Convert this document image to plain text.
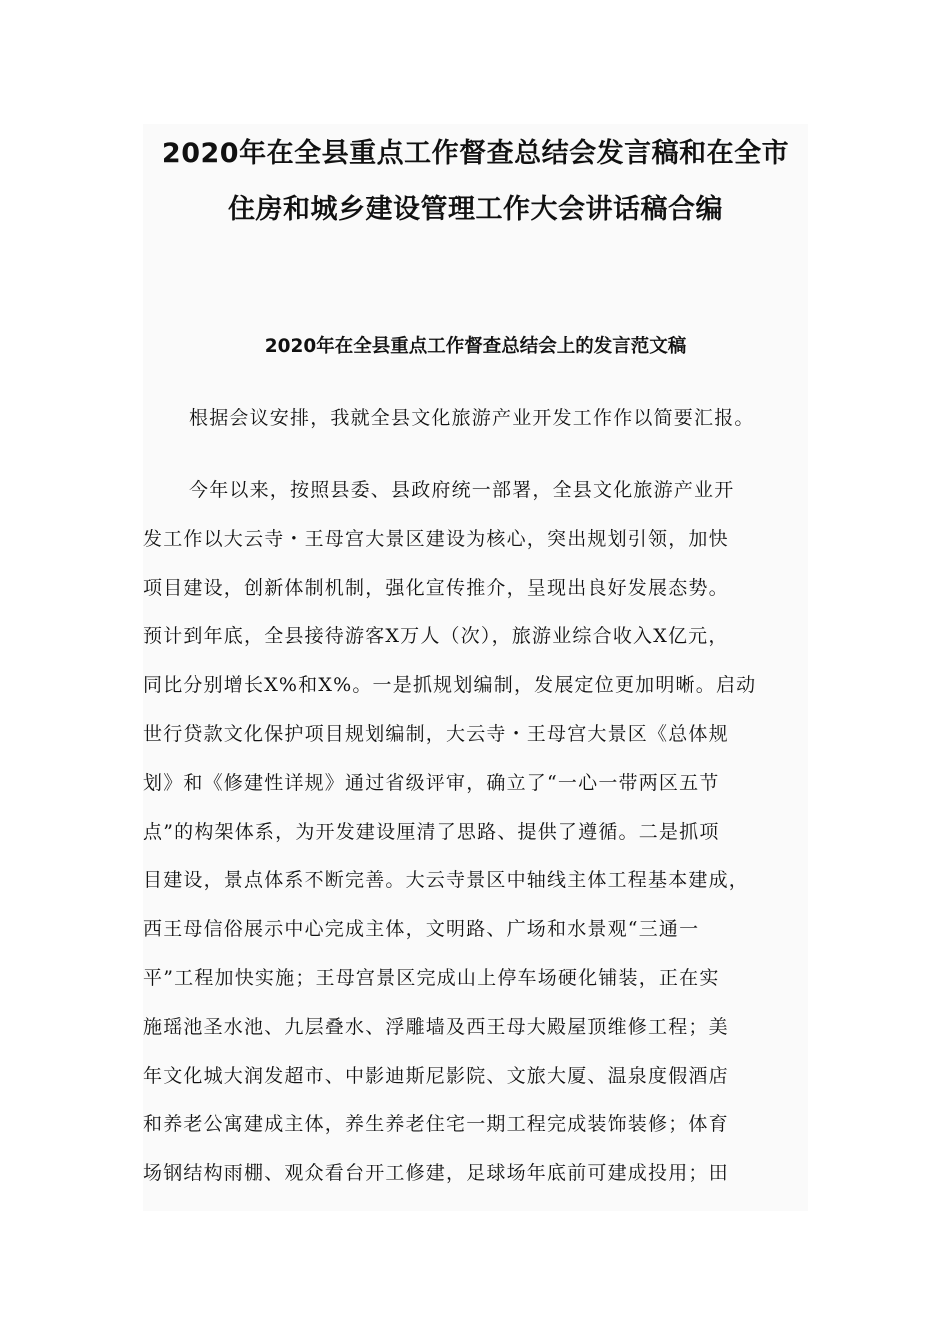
2020年在全县重点工作督查总结会发言稿和在全市
住房和城乡建设管理工作大会讲话稿合编
2020年在全县重点工作督查总结会上的发言范文稿
根据会议安排，我就全县文化旅游产业开发工作作以简要汇报。
今年以来，按照县委、县政府统一部署，全县文化旅游产业开
发工作以大云寺・王母宫大景区建设为核心，突出规划引领，加快
项目建设，创新体制机制，强化宣传推介，呈现出良好发展态势。
预计到年底，全县接待游客X万人（次），旅游业综合收入X亿元，
同比分别增长X%和X%。一是抓规划编制，发展定位更加明晰。启动
世行贷款文化保护项目规划编制，大云寺・王母宫大景区《总体规
划》和《修建性详规》通过省级评审，确立了“一心一带两区五节
点”的构架体系，为开发建设厘清了思路、提供了遵循。二是抓项
目建设，景点体系不断完善。大云寺景区中轴线主体工程基本建成，
西王母信俗展示中心完成主体，文明路、广场和水景观“三通一
平”工程加快实施；王母宫景区完成山上停车场硬化铺装，正在实
施瑶池圣水池、九层叠水、浮雕墙及西王母大殿屋顶维修工程；美
年文化城大润发超市、中影迪斯尼影院、文旅大厦、温泉度假酒店
和养老公寓建成主体，养生养老住宅一期工程完成装饰装修；体育
场钢结构雨棚、观众看台开工修建，足球场年底前可建成投用；田
